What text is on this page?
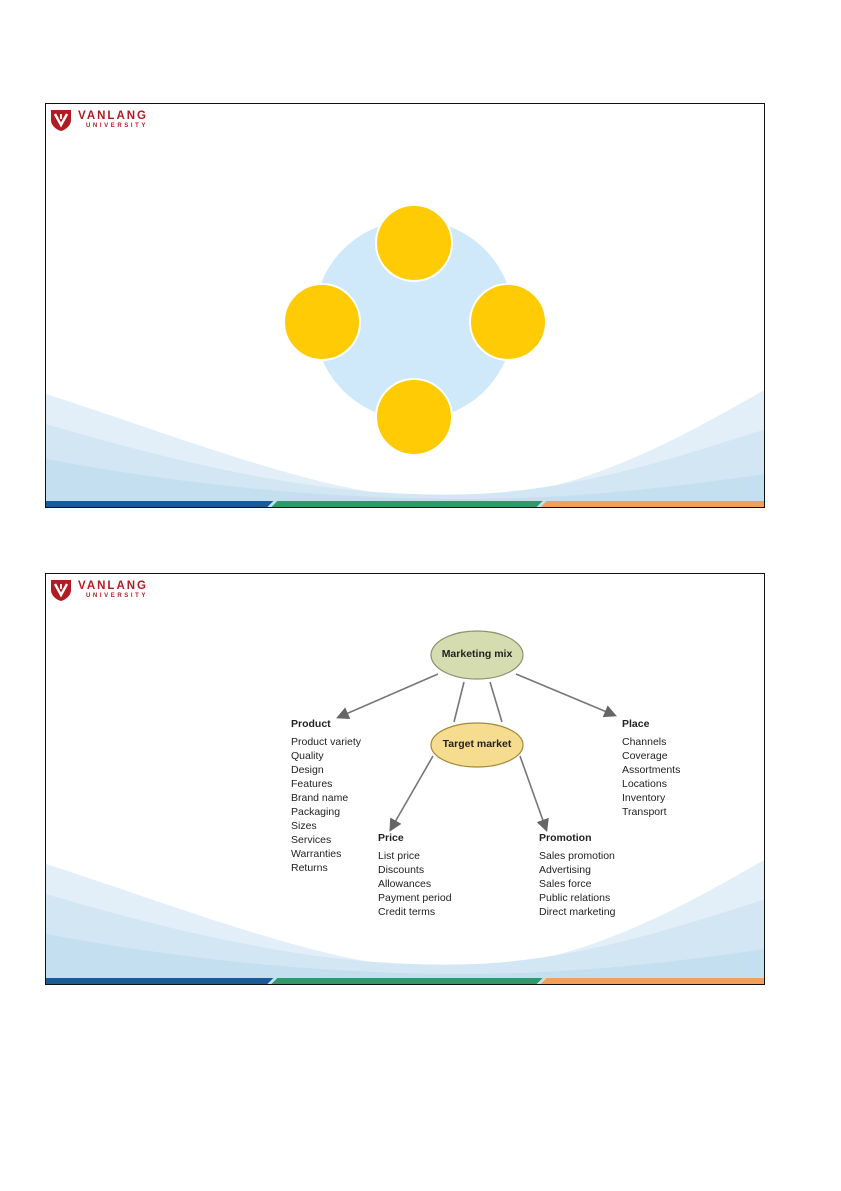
VANLANG
UNIVERSITY
VANLANG
UNIVERSITY
Marketing mix
Target market
Product
Product variety
Quality
Design
Features
Brand name
Packaging
Sizes
Services
Warranties
Returns
Place
Channels
Coverage
Assortments
Locations
Inventory
Transport
Price
List price
Discounts
Allowances
Payment period
Credit terms
Promotion
Sales promotion
Advertising
Sales force
Public relations
Direct marketing
